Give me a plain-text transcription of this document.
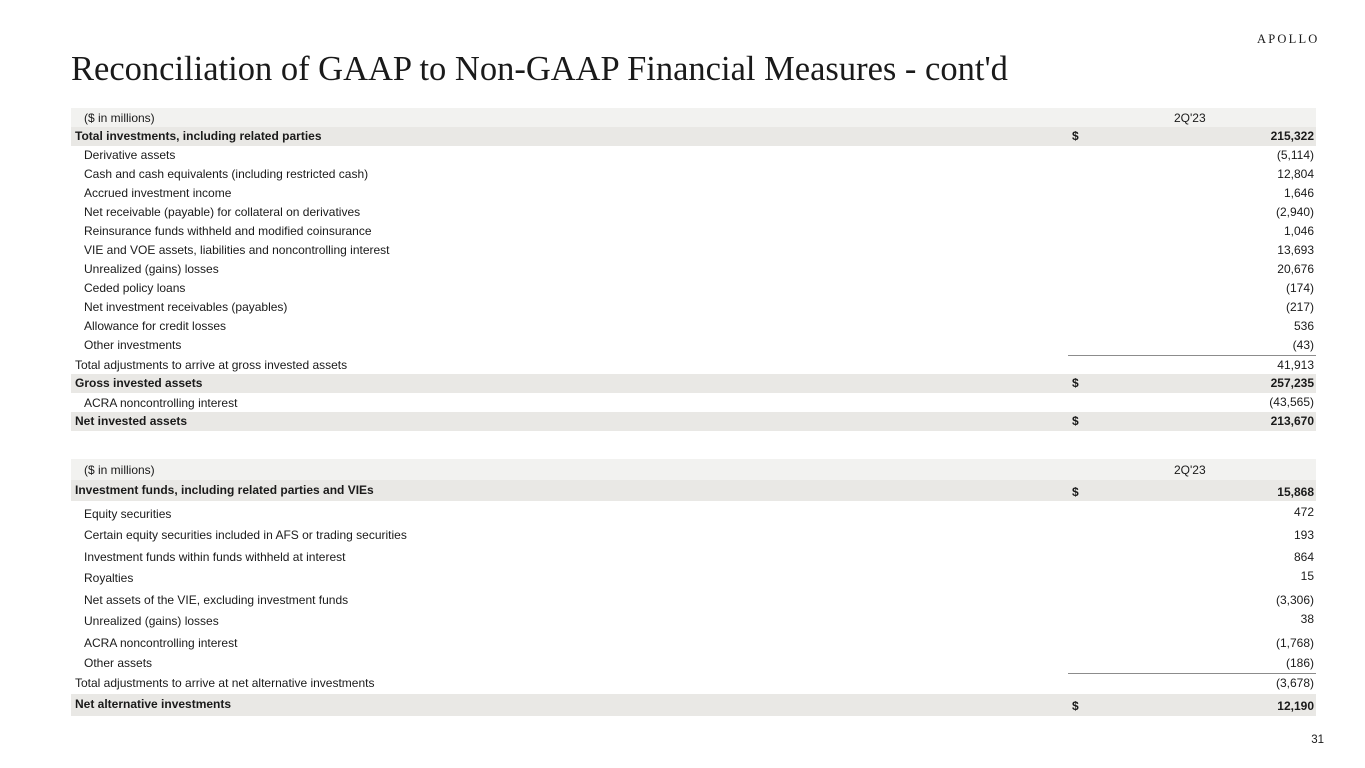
APOLLO
Reconciliation of GAAP to Non-GAAP Financial Measures - cont'd
($ in millions)	2Q'23
Total investments, including related parties	$	215,322
Derivative assets	(5,114)
Cash and cash equivalents (including restricted cash)	12,804
Accrued investment income	1,646
Net receivable (payable) for collateral on derivatives	(2,940)
Reinsurance funds withheld and modified coinsurance	1,046
VIE and VOE assets, liabilities and noncontrolling interest	13,693
Unrealized (gains) losses	20,676
Ceded policy loans	(174)
Net investment receivables (payables)	(217)
Allowance for credit losses	536
Other investments	(43)
Total adjustments to arrive at gross invested assets	41,913
Gross invested assets	$	257,235
ACRA noncontrolling interest	(43,565)
Net invested assets	$	213,670
($ in millions)	2Q'23
Investment funds, including related parties and VIEs	$	15,868
Equity securities	472
Certain equity securities included in AFS or trading securities	193
Investment funds within funds withheld at interest	864
Royalties	15
Net assets of the VIE, excluding investment funds	(3,306)
Unrealized (gains) losses	38
ACRA noncontrolling interest	(1,768)
Other assets	(186)
Total adjustments to arrive at net alternative investments	(3,678)
Net alternative investments	$	12,190
31
